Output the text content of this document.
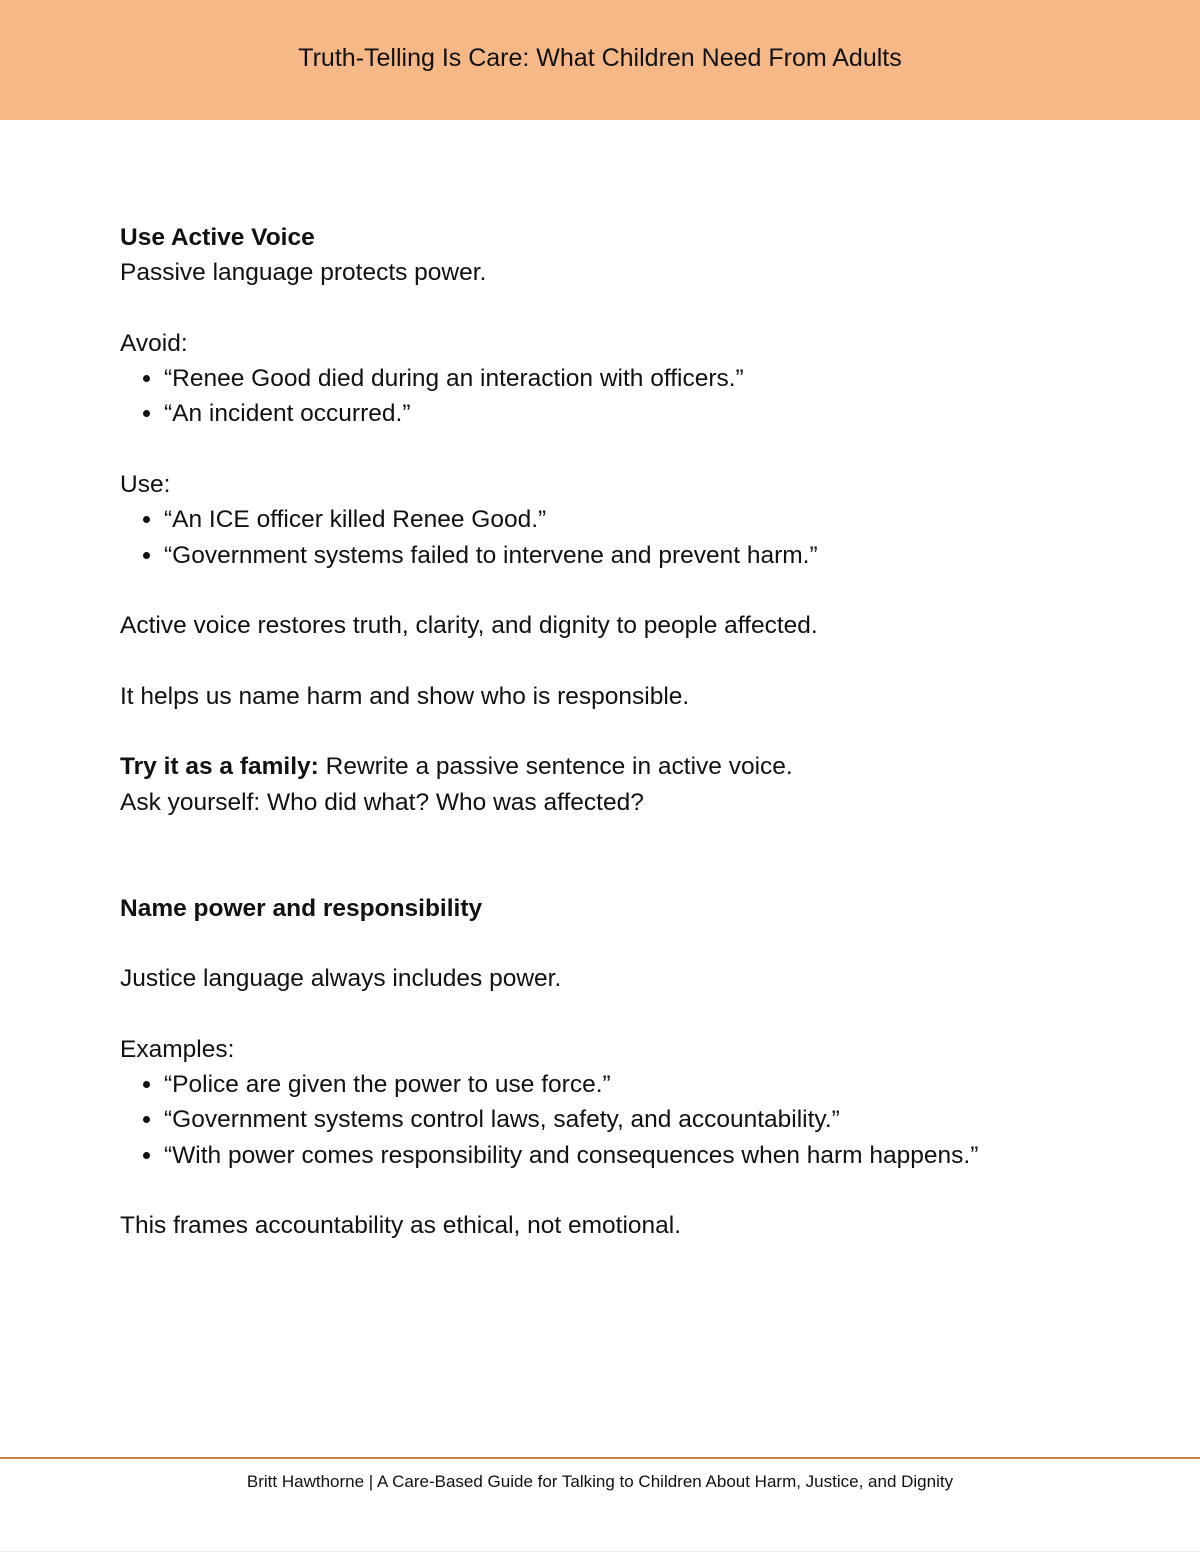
Truth-Telling Is Care: What Children Need From Adults

Use Active Voice

Passive language protects power.

Avoid:

• “Renee Good died during an interaction with officers.”
• “An incident occurred.”

Use:

• “An ICE officer killed Renee Good.”
• “Government systems failed to intervene and prevent harm.”

Active voice restores truth, clarity, and dignity to people affected.

It helps us name harm and show who is responsible.

Try it as a family: Rewrite a passive sentence in active voice.

Ask yourself: Who did what? Who was affected?

Name power and responsibility

Justice language always includes power.

Examples:

• “Police are given the power to use force.”
• “Government systems control laws, safety, and accountability.”
• “With power comes responsibility and consequences when harm happens.”

This frames accountability as ethical, not emotional.

Britt Hawthorne | A Care-Based Guide for Talking to Children About Harm, Justice, and Dignity
